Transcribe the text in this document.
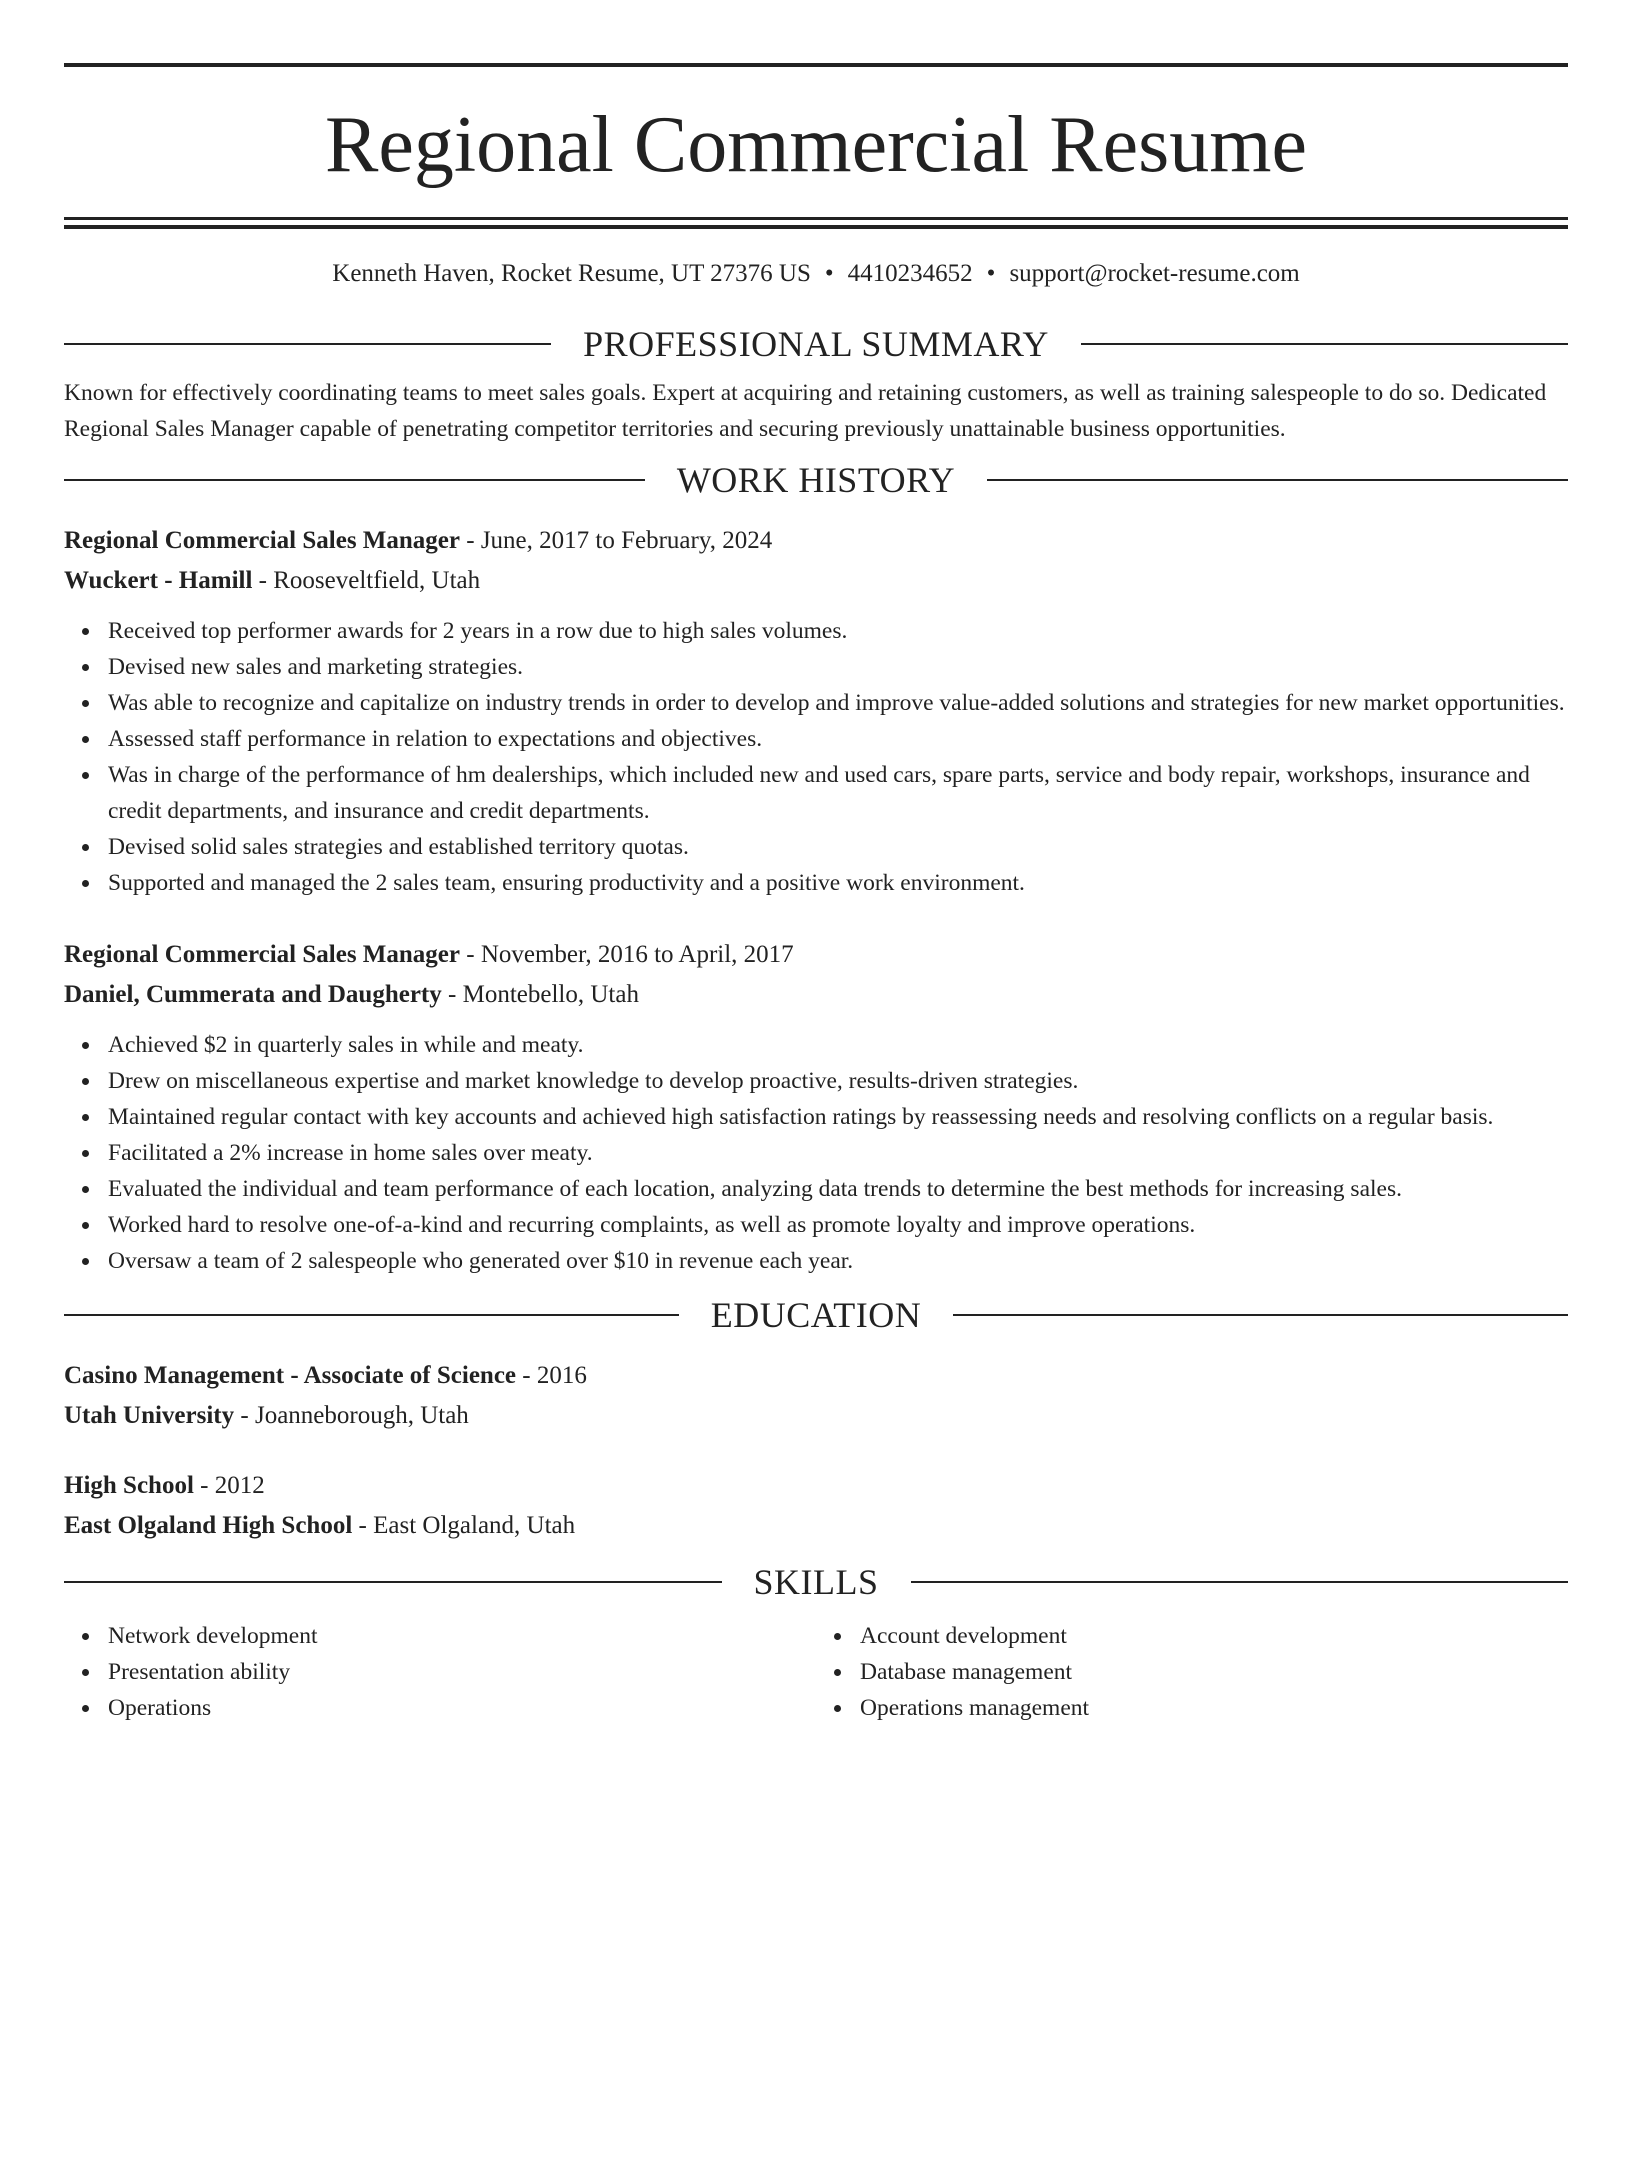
Regional Commercial Resume
Kenneth Haven, Rocket Resume, UT 27376 US • 4410234652 • support@rocket-resume.com
PROFESSIONAL SUMMARY

Known for effectively coordinating teams to meet sales goals. Expert at acquiring and retaining customers, as well as training salespeople to do so. Dedicated Regional Sales Manager capable of penetrating competitor territories and securing previously unattainable business opportunities.

WORK HISTORY
Regional Commercial Sales Manager - June, 2017 to February, 2024
Wuckert - Hamill - Rooseveltfield, Utah
Received top performer awards for 2 years in a row due to high sales volumes.
Devised new sales and marketing strategies.
Was able to recognize and capitalize on industry trends in order to develop and improve value-added solutions and strategies for new market opportunities.
Assessed staff performance in relation to expectations and objectives.
Was in charge of the performance of hm dealerships, which included new and used cars, spare parts, service and body repair, workshops, insurance and credit departments, and insurance and credit departments.
Devised solid sales strategies and established territory quotas.
Supported and managed the 2 sales team, ensuring productivity and a positive work environment.
Regional Commercial Sales Manager - November, 2016 to April, 2017
Daniel, Cummerata and Daugherty - Montebello, Utah
Achieved $2 in quarterly sales in while and meaty.
Drew on miscellaneous expertise and market knowledge to develop proactive, results-driven strategies.
Maintained regular contact with key accounts and achieved high satisfaction ratings by reassessing needs and resolving conflicts on a regular basis.
Facilitated a 2% increase in home sales over meaty.
Evaluated the individual and team performance of each location, analyzing data trends to determine the best methods for increasing sales.
Worked hard to resolve one-of-a-kind and recurring complaints, as well as promote loyalty and improve operations.
Oversaw a team of 2 salespeople who generated over $10 in revenue each year.
EDUCATION
Casino Management - Associate of Science - 2016
Utah University - Joanneborough, Utah
High School - 2012
East Olgaland High School - East Olgaland, Utah
SKILLS
Network development
Presentation ability
Operations
Account development
Database management
Operations management
